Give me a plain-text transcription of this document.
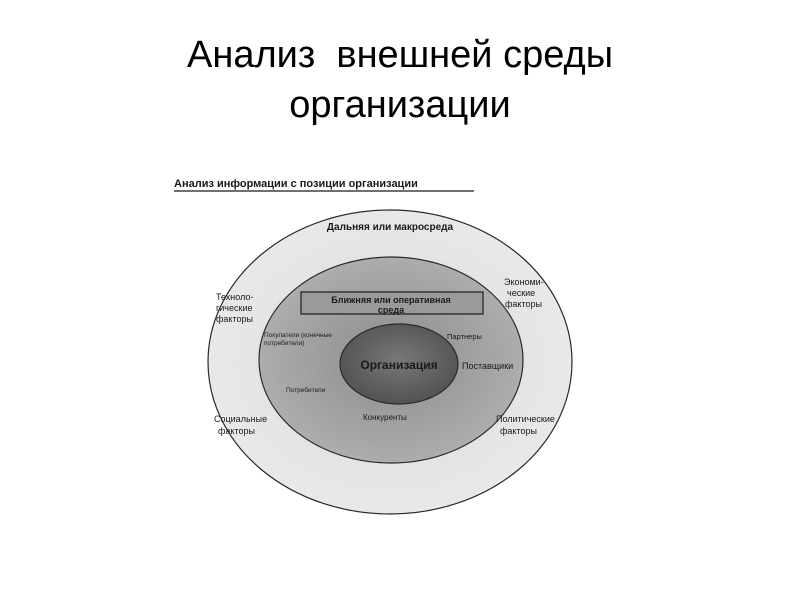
Анализ  внешней среды
организации
Анализ информации с позиции организации
Дальняя или макросреда
Ближняя или оперативная
среда
Организация
Техноло-
гические
факторы
Экономи-
ческие
факторы
Социальные
факторы
Политические
факторы
Покупатели (конечные
потребители)
Партнеры
Поставщики
Потребители
Конкуренты
